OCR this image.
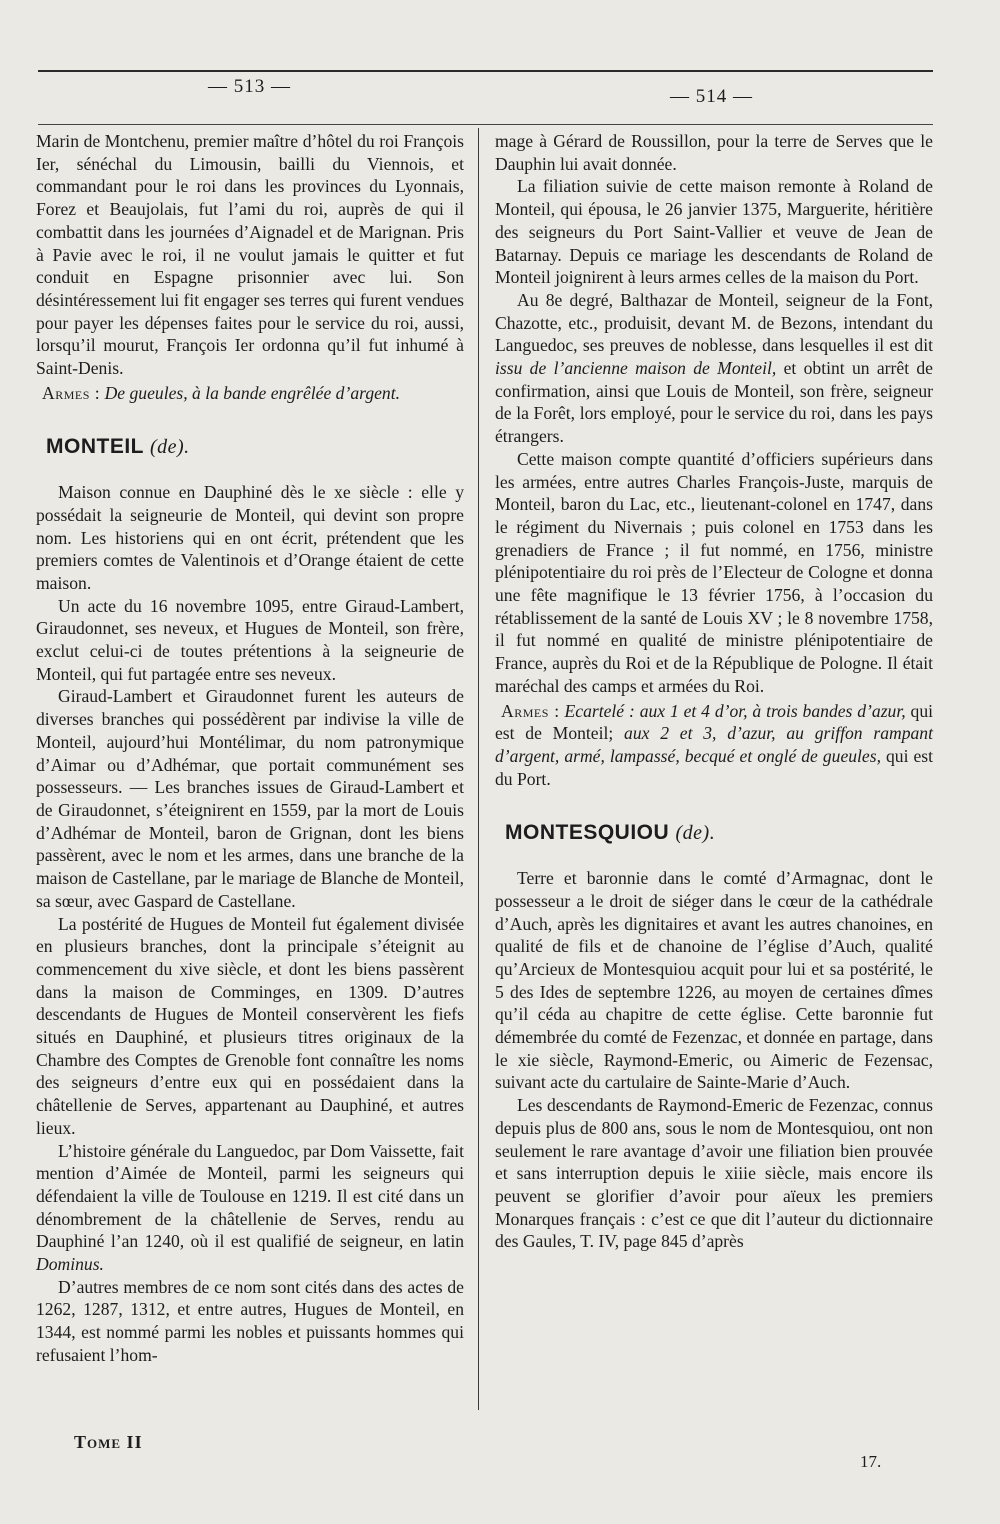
— 513 —	— 514 —

Marin de Montchenu, premier maître d’hôtel du roi François Ier, sénéchal du Limousin, bailli du Viennois, et commandant pour le roi dans les provinces du Lyonnais, Forez et Beaujolais, fut l’ami du roi, auprès de qui il combattit dans les journées d’Aignadel et de Marignan. Pris à Pavie avec le roi, il ne voulut jamais le quitter et fut conduit en Espagne prisonnier avec lui. Son désintéressement lui fit engager ses terres qui furent vendues pour payer les dépenses faites pour le service du roi, aussi, lorsqu’il mourut, François Ier ordonna qu’il fut inhumé à Saint-Denis.

Armes : De gueules, à la bande engrêlée d’argent.

MONTEIL (de).

Maison connue en Dauphiné dès le xe siècle : elle y possédait la seigneurie de Monteil, qui devint son propre nom. Les historiens qui en ont écrit, prétendent que les premiers comtes de Valentinois et d’Orange étaient de cette maison.

Un acte du 16 novembre 1095, entre Giraud-Lambert, Giraudonnet, ses neveux, et Hugues de Monteil, son frère, exclut celui-ci de toutes prétentions à la seigneurie de Monteil, qui fut partagée entre ses neveux.

Giraud-Lambert et Giraudonnet furent les auteurs de diverses branches qui possédèrent par indivise la ville de Monteil, aujourd’hui Montélimar, du nom patronymique d’Aimar ou d’Adhémar, que portait communément ses possesseurs. — Les branches issues de Giraud-Lambert et de Giraudonnet, s’éteignirent en 1559, par la mort de Louis d’Adhémar de Monteil, baron de Grignan, dont les biens passèrent, avec le nom et les armes, dans une branche de la maison de Castellane, par le mariage de Blanche de Monteil, sa sœur, avec Gaspard de Castellane.

La postérité de Hugues de Monteil fut également divisée en plusieurs branches, dont la principale s’éteignit au commencement du xive siècle, et dont les biens passèrent dans la maison de Comminges, en 1309. D’autres descendants de Hugues de Monteil conservèrent les fiefs situés en Dauphiné, et plusieurs titres originaux de la Chambre des Comptes de Grenoble font connaître les noms des seigneurs d’entre eux qui en possédaient dans la châtellenie de Serves, appartenant au Dauphiné, et autres lieux.

L’histoire générale du Languedoc, par Dom Vaissette, fait mention d’Aimée de Monteil, parmi les seigneurs qui défendaient la ville de Toulouse en 1219. Il est cité dans un dénombrement de la châtellenie de Serves, rendu au Dauphiné l’an 1240, où il est qualifié de seigneur, en latin Dominus.

D’autres membres de ce nom sont cités dans des actes de 1262, 1287, 1312, et entre autres, Hugues de Monteil, en 1344, est nommé parmi les nobles et puissants hommes qui refusaient l’hom-

mage à Gérard de Roussillon, pour la terre de Serves que le Dauphin lui avait donnée.

La filiation suivie de cette maison remonte à Roland de Monteil, qui épousa, le 26 janvier 1375, Marguerite, héritière des seigneurs du Port Saint-Vallier et veuve de Jean de Batarnay. Depuis ce mariage les descendants de Roland de Monteil joignirent à leurs armes celles de la maison du Port.

Au 8e degré, Balthazar de Monteil, seigneur de la Font, Chazotte, etc., produisit, devant M. de Bezons, intendant du Languedoc, ses preuves de noblesse, dans lesquelles il est dit issu de l’ancienne maison de Monteil, et obtint un arrêt de confirmation, ainsi que Louis de Monteil, son frère, seigneur de la Forêt, lors employé, pour le service du roi, dans les pays étrangers.

Cette maison compte quantité d’officiers supérieurs dans les armées, entre autres Charles François-Juste, marquis de Monteil, baron du Lac, etc., lieutenant-colonel en 1747, dans le régiment du Nivernais ; puis colonel en 1753 dans les grenadiers de France ; il fut nommé, en 1756, ministre plénipotentiaire du roi près de l’Electeur de Cologne et donna une fête magnifique le 13 février 1756, à l’occasion du rétablissement de la santé de Louis XV ; le 8 novembre 1758, il fut nommé en qualité de ministre plénipotentiaire de France, auprès du Roi et de la République de Pologne. Il était maréchal des camps et armées du Roi.

Armes : Ecartelé : aux 1 et 4 d’or, à trois bandes d’azur, qui est de Monteil; aux 2 et 3, d’azur, au griffon rampant d’argent, armé, lampassé, becqué et onglé de gueules, qui est du Port.

MONTESQUIOU (de).

Terre et baronnie dans le comté d’Armagnac, dont le possesseur a le droit de siéger dans le cœur de la cathédrale d’Auch, après les dignitaires et avant les autres chanoines, en qualité de fils et de chanoine de l’église d’Auch, qualité qu’Arcieux de Montesquiou acquit pour lui et sa postérité, le 5 des Ides de septembre 1226, au moyen de certaines dîmes qu’il céda au chapitre de cette église. Cette baronnie fut démembrée du comté de Fezenzac, et donnée en partage, dans le xie siècle, Raymond-Emeric, ou Aimeric de Fezensac, suivant acte du cartulaire de Sainte-Marie d’Auch.

Les descendants de Raymond-Emeric de Fezenzac, connus depuis plus de 800 ans, sous le nom de Montesquiou, ont non seulement le rare avantage d’avoir une filiation bien prouvée et sans interruption depuis le xiiie siècle, mais encore ils peuvent se glorifier d’avoir pour aïeux les premiers Monarques français : c’est ce que dit l’auteur du dictionnaire des Gaules, T. IV, page 845 d’après

Tome II
17.
